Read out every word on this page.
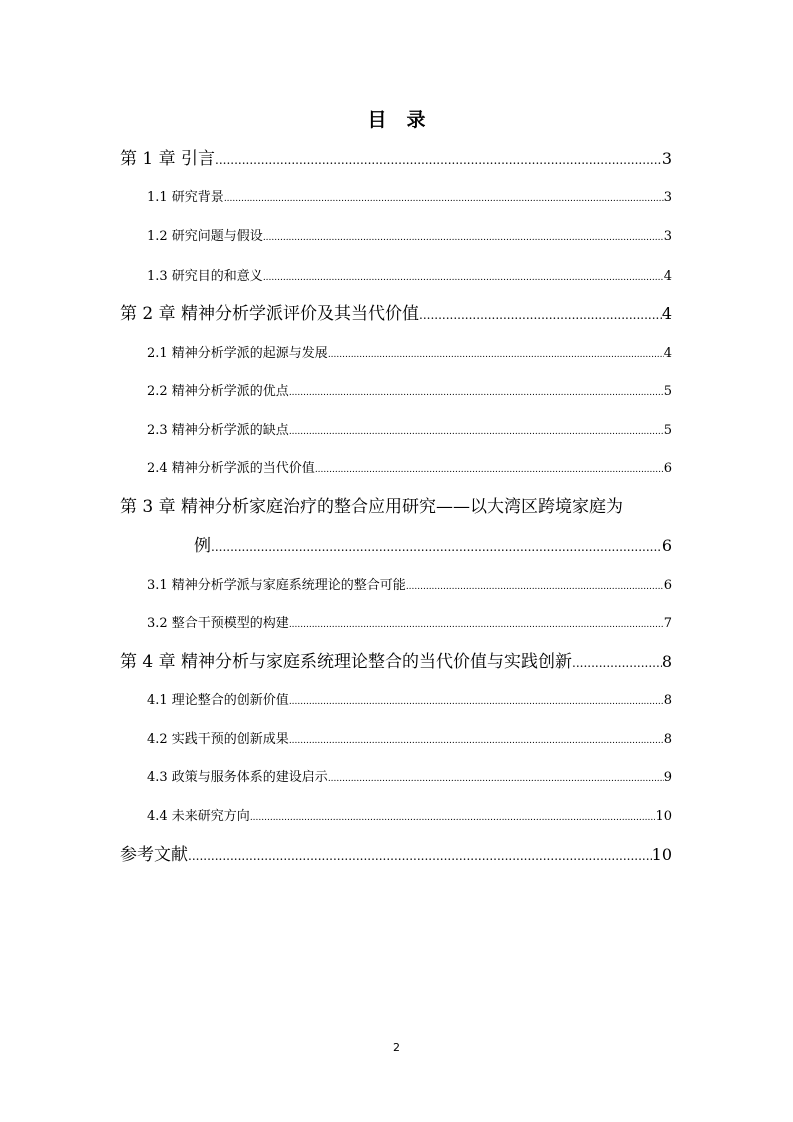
目 录
第 1 章 引言 .....	3
1.1 研究背景 .....	3
1.2 研究问题与假设 .....	3
1.3 研究目的和意义 .....	4
第 2 章 精神分析学派评价及其当代价值 .....	4
2.1 精神分析学派的起源与发展 .....	4
2.2 精神分析学派的优点 .....	5
2.3 精神分析学派的缺点 .....	5
2.4 精神分析学派的当代价值 .....	6
第 3 章 精神分析家庭治疗的整合应用研究——以大湾区跨境家庭为
例 .....	6
3.1 精神分析学派与家庭系统理论的整合可能 .....	6
3.2 整合干预模型的构建 .....	7
第 4 章 精神分析与家庭系统理论整合的当代价值与实践创新 .....	8
4.1 理论整合的创新价值 .....	8
4.2 实践干预的创新成果 .....	8
4.3 政策与服务体系的建设启示 .....	9
4.4 未来研究方向 .....	10
参考文献 .....	10
2
